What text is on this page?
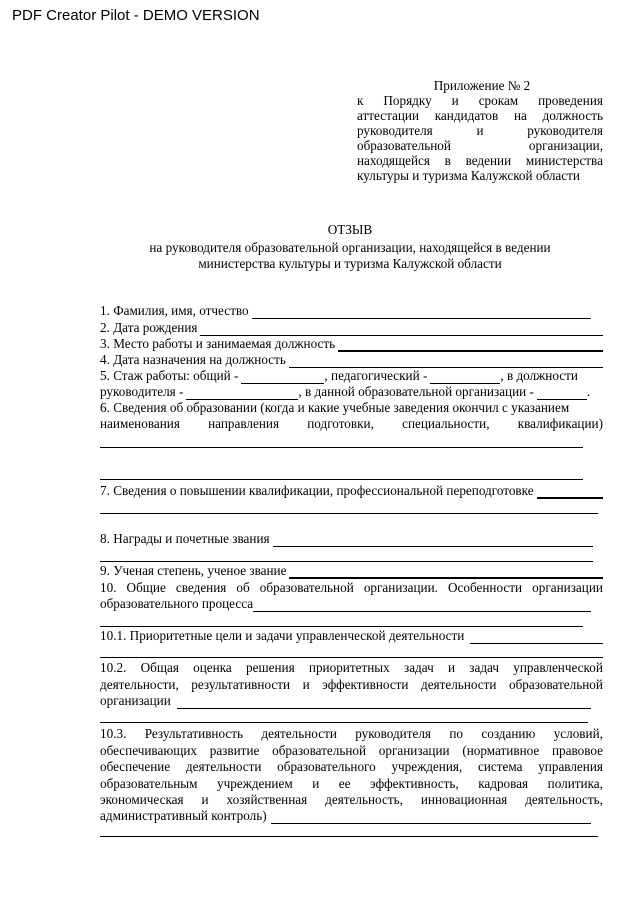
PDF Creator Pilot - DEMO VERSION
Приложение № 2
к Порядку и срокам проведения
аттестации кандидатов на должность
руководителя	и	руководителя
образовательной	организации,
находящейся в ведении министерства
культуры и туризма Калужской области
ОТЗЫВ
на руководителя образовательной организации, находящейся в ведении
министерства культуры и туризма Калужской области
1. Фамилия, имя, отчество
2. Дата рождения
3. Место работы и занимаемая должность
4. Дата назначения на должность
5. Стаж работы: общий -	, педагогический -	, в должности
руководителя -	, в данной образовательной организации -	.
6. Сведения об образовании (когда и какие учебные заведения окончил с указанием
наименования направления подготовки, специальности, квалификации)
7. Сведения о повышении квалификации, профессиональной переподготовке
8. Награды и почетные звания
9. Ученая степень, ученое звание
10. Общие сведения об образовательной организации. Особенности организации
образовательного процесса
10.1. Приоритетные цели и задачи управленческой деятельности
10.2. Общая оценка решения приоритетных задач и задач управленческой
деятельности, результативности и эффективности деятельности образовательной
организации
10.3. Результативность деятельности руководителя по созданию условий,
обеспечивающих развитие образовательной организации (нормативное правовое
обеспечение деятельности образовательного учреждения, система управления
образовательным учреждением и ее эффективность, кадровая политика,
экономическая и хозяйственная деятельность, инновационная деятельность,
административный контроль)
